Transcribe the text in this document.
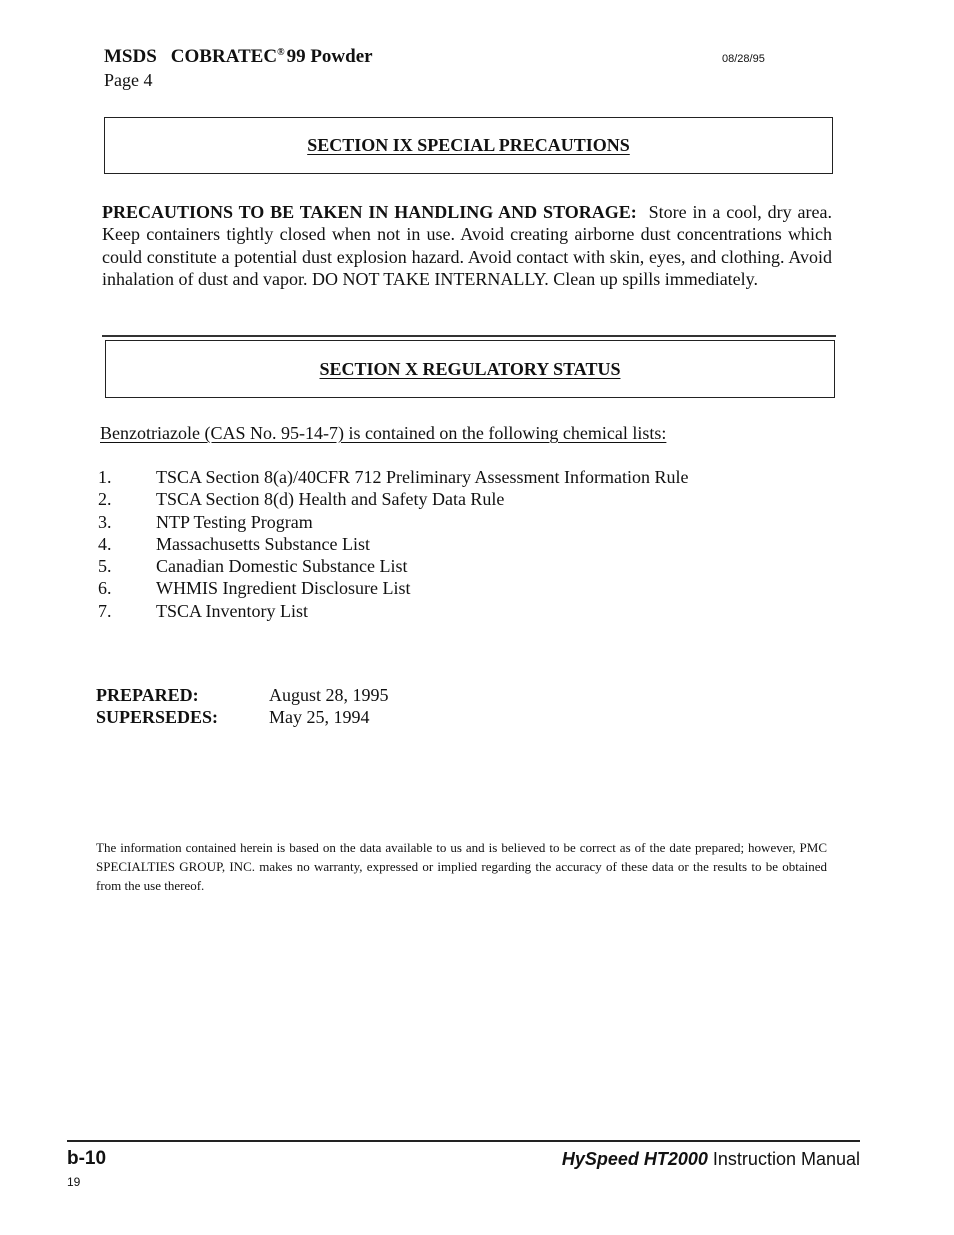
MSDS COBRATEC® 99 Powder
Page 4
08/28/95
SECTION IX SPECIAL PRECAUTIONS
PRECAUTIONS TO BE TAKEN IN HANDLING AND STORAGE: Store in a cool, dry area. Keep containers tightly closed when not in use. Avoid creating airborne dust concentrations which could constitute a potential dust explosion hazard. Avoid contact with skin, eyes, and clothing. Avoid inhalation of dust and vapor. DO NOT TAKE INTERNALLY. Clean up spills immediately.
SECTION X REGULATORY STATUS
Benzotriazole (CAS No. 95-14-7) is contained on the following chemical lists:
1. TSCA Section 8(a)/40CFR 712 Preliminary Assessment Information Rule
2. TSCA Section 8(d) Health and Safety Data Rule
3. NTP Testing Program
4. Massachusetts Substance List
5. Canadian Domestic Substance List
6. WHMIS Ingredient Disclosure List
7. TSCA Inventory List
PREPARED:	August 28, 1995
SUPERSEDES:	May 25, 1994
The information contained herein is based on the data available to us and is believed to be correct as of the date prepared; however, PMC SPECIALTIES GROUP, INC. makes no warranty, expressed or implied regarding the accuracy of these data or the results to be obtained from the use thereof.
b-10
19
HySpeed HT2000 Instruction Manual
